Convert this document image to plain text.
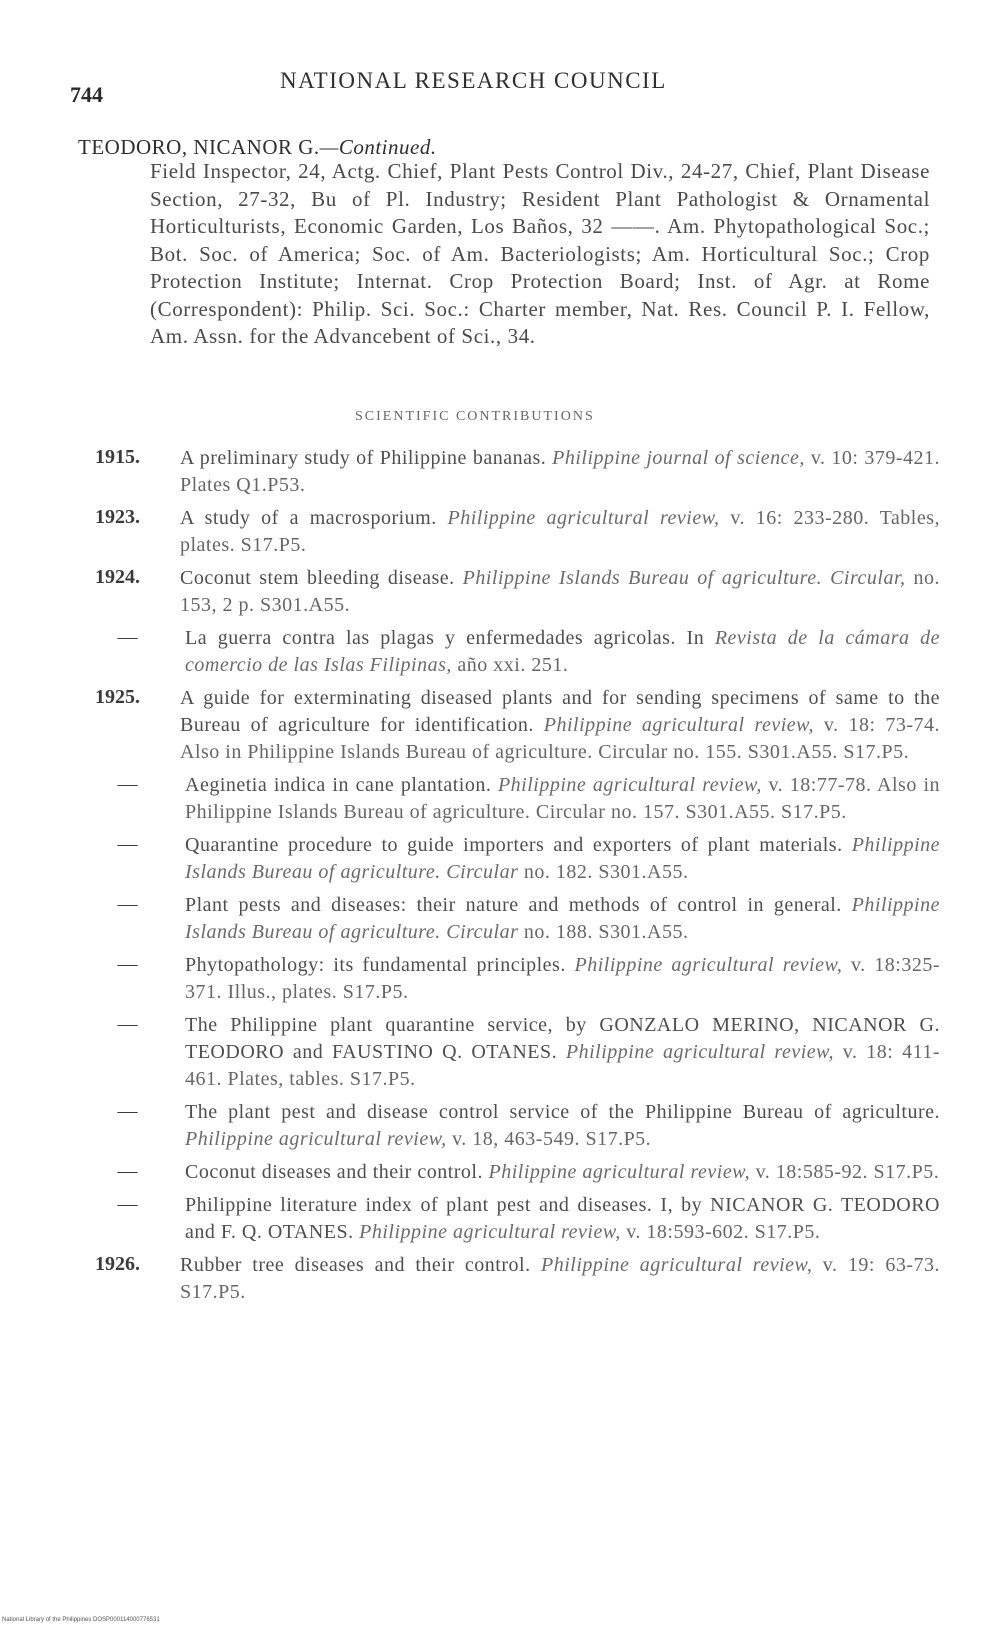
744
NATIONAL RESEARCH COUNCIL
TEODORO, NICANOR G.—Continued.
Field Inspector, 24, Actg. Chief, Plant Pests Control Div., 24-27, Chief, Plant Disease Section, 27-32, Bu of Pl. Industry; Resident Plant Pathologist & Ornamental Horticulturists, Economic Garden, Los Baños, 32 ——. Am. Phytopathological Soc.; Bot. Soc. of America; Soc. of Am. Bacteriologists; Am. Horticultural Soc.; Crop Protection Institute; Internat. Crop Protection Board; Inst. of Agr. at Rome (Correspondent): Philip. Sci. Soc.: Charter member, Nat. Res. Council P. I. Fellow, Am. Assn. for the Advancebent of Sci., 34.
SCIENTIFIC CONTRIBUTIONS
1915.	A preliminary study of Philippine bananas. Philippine journal of science, v. 10: 379-421. Plates Q1.P53.
1923.	A study of a macrosporium. Philippine agricultural review, v. 16: 233-280. Tables, plates. S17.P5.
1924.	Coconut stem bleeding disease. Philippine Islands Bureau of agriculture. Circular, no. 153, 2 p. S301.A55.
—	La guerra contra las plagas y enfermedades agricolas. In Revista de la cámara de comercio de las Islas Filipinas, año xxi. 251.
1925.	A guide for exterminating diseased plants and for sending specimens of same to the Bureau of agriculture for identification. Philippine agricultural review, v. 18: 73-74. Also in Philippine Islands Bureau of agriculture. Circular no. 155. S301.A55. S17.P5.
—	Aeginetia indica in cane plantation. Philippine agricultural review, v. 18:77-78. Also in Philippine Islands Bureau of agriculture. Circular no. 157. S301.A55. S17.P5.
—	Quarantine procedure to guide importers and exporters of plant materials. Philippine Islands Bureau of agriculture. Circular no. 182. S301.A55.
—	Plant pests and diseases: their nature and methods of control in general. Philippine Islands Bureau of agriculture. Circular no. 188. S301.A55.
—	Phytopathology: its fundamental principles. Philippine agricultural review, v. 18:325-371. Illus., plates. S17.P5.
—	The Philippine plant quarantine service, by GONZALO MERINO, NICANOR G. TEODORO and FAUSTINO Q. OTANES. Philippine agricultural review, v. 18: 411-461. Plates, tables. S17.P5.
—	The plant pest and disease control service of the Philippine Bureau of agriculture. Philippine agricultural review, v. 18, 463-549. S17.P5.
—	Coconut diseases and their control. Philippine agricultural review, v. 18:585-92. S17.P5.
—	Philippine literature index of plant pest and diseases. I, by NICANOR G. TEODORO and F. Q. OTANES. Philippine agricultural review, v. 18:593-602. S17.P5.
1926.	Rubber tree diseases and their control. Philippine agricultural review, v. 19: 63-73. S17.P5.
National Library of the Philippines DOSP000114000776531
